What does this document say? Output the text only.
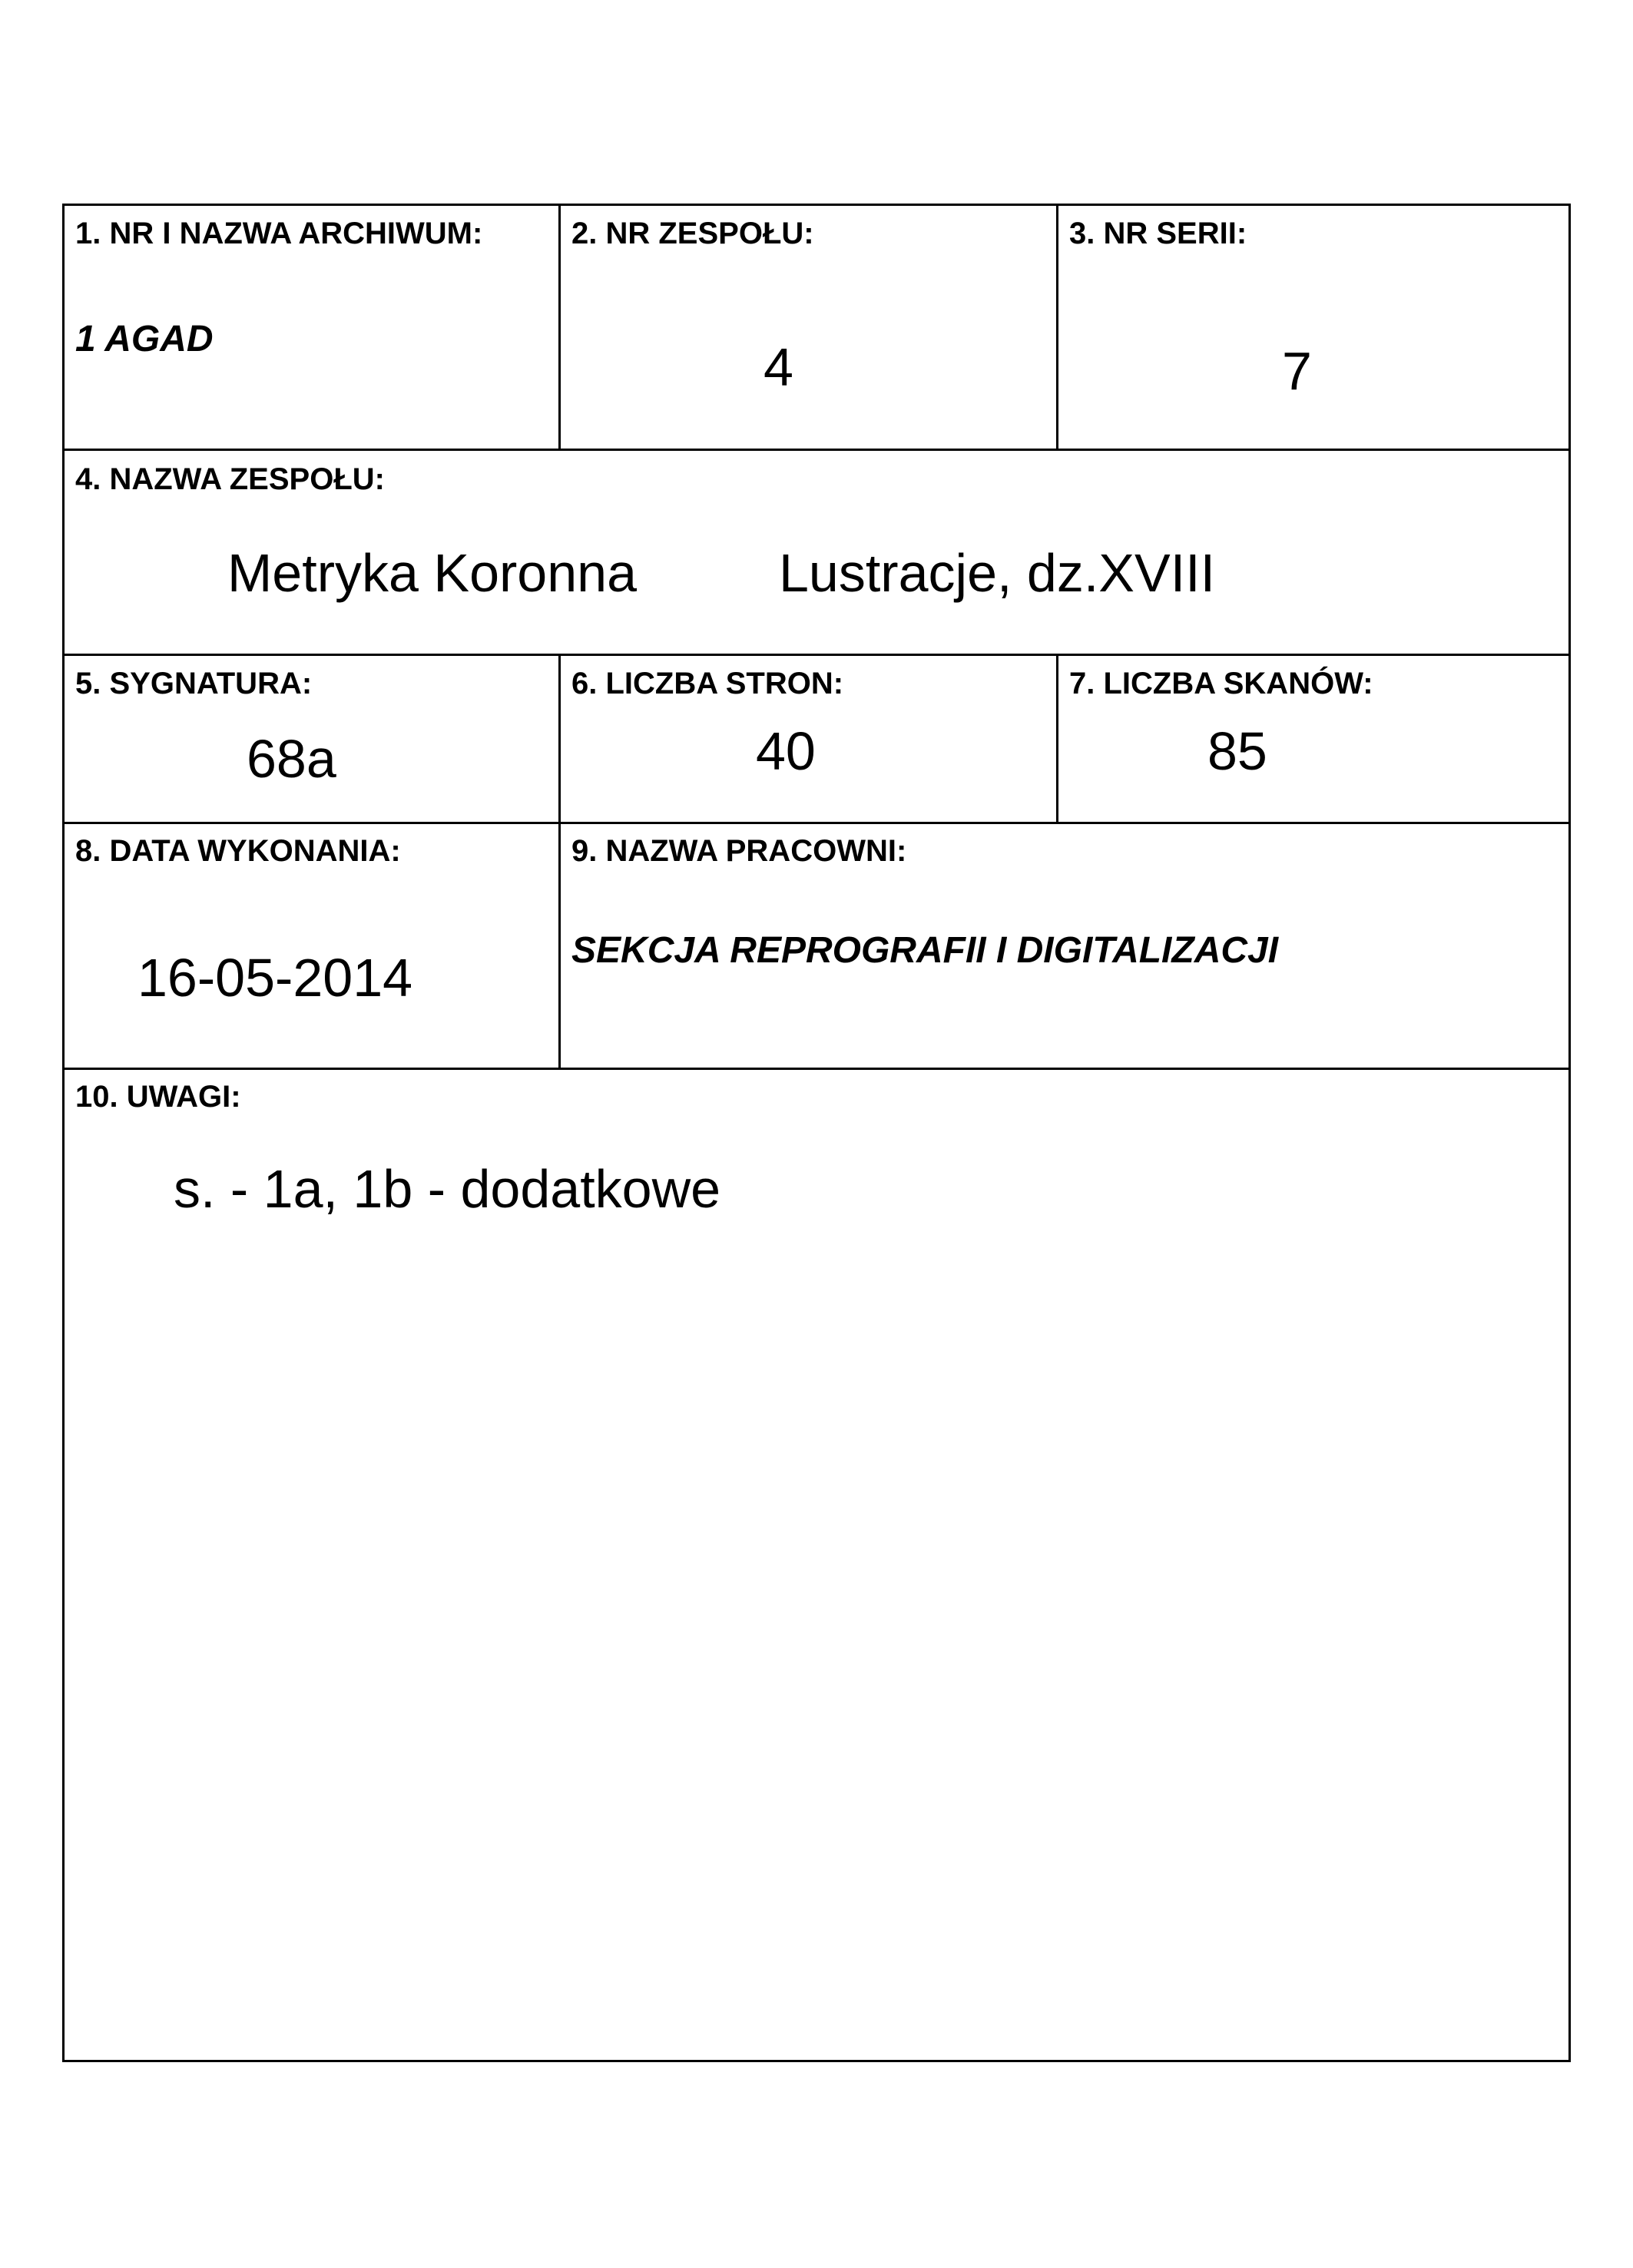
1. NR I NAZWA ARCHIWUM:
1 AGAD
2. NR ZESPOŁU:
4
3. NR SERII:
7
4. NAZWA ZESPOŁU:
Metryka Koronna	Lustracje, dz.XVIII
5. SYGNATURA:
68a
6. LICZBA STRON:
40
7. LICZBA SKANÓW:
85
8. DATA WYKONANIA:
16-05-2014
9. NAZWA PRACOWNI:
SEKCJA REPROGRAFII I DIGITALIZACJI
10. UWAGI:
s. - 1a, 1b - dodatkowe
